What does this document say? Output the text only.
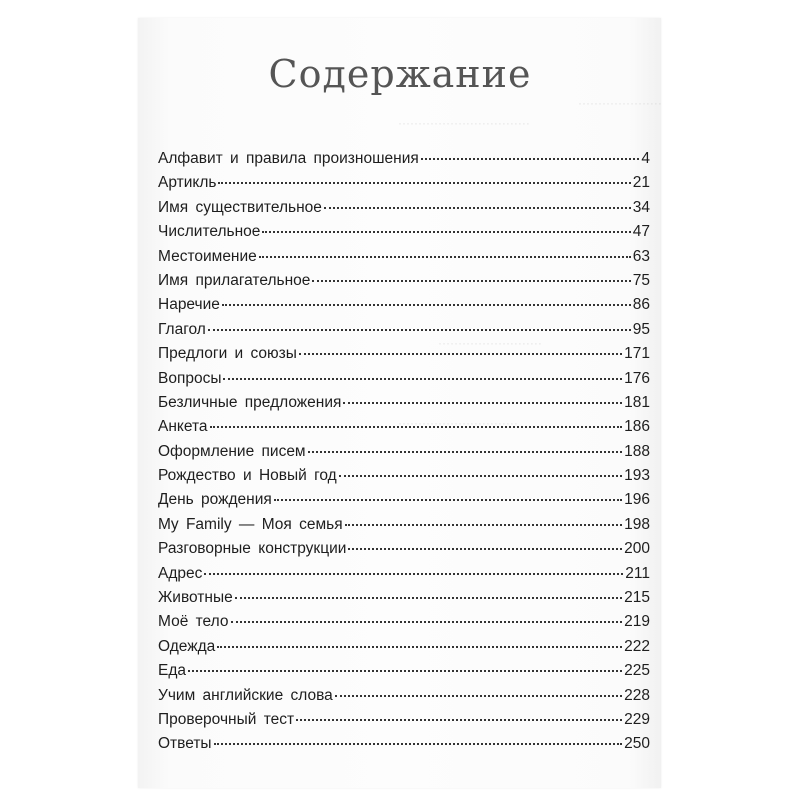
·····················
·································
··························
······························
Содержание
Алфавит и правила произношения	4
Артикль	21
Имя существительное	34
Числительное	47
Местоимение	63
Имя прилагательное	75
Наречие	86
Глагол	95
Предлоги и союзы	171
Вопросы	176
Безличные предложения	181
Анкета	186
Оформление писем	188
Рождество и Новый год	193
День рождения	196
My Family — Моя семья	198
Разговорные конструкции	200
Адрес	211
Животные	215
Моё тело	219
Одежда	222
Еда	225
Учим английские слова	228
Проверочный тест	229
Ответы	250
